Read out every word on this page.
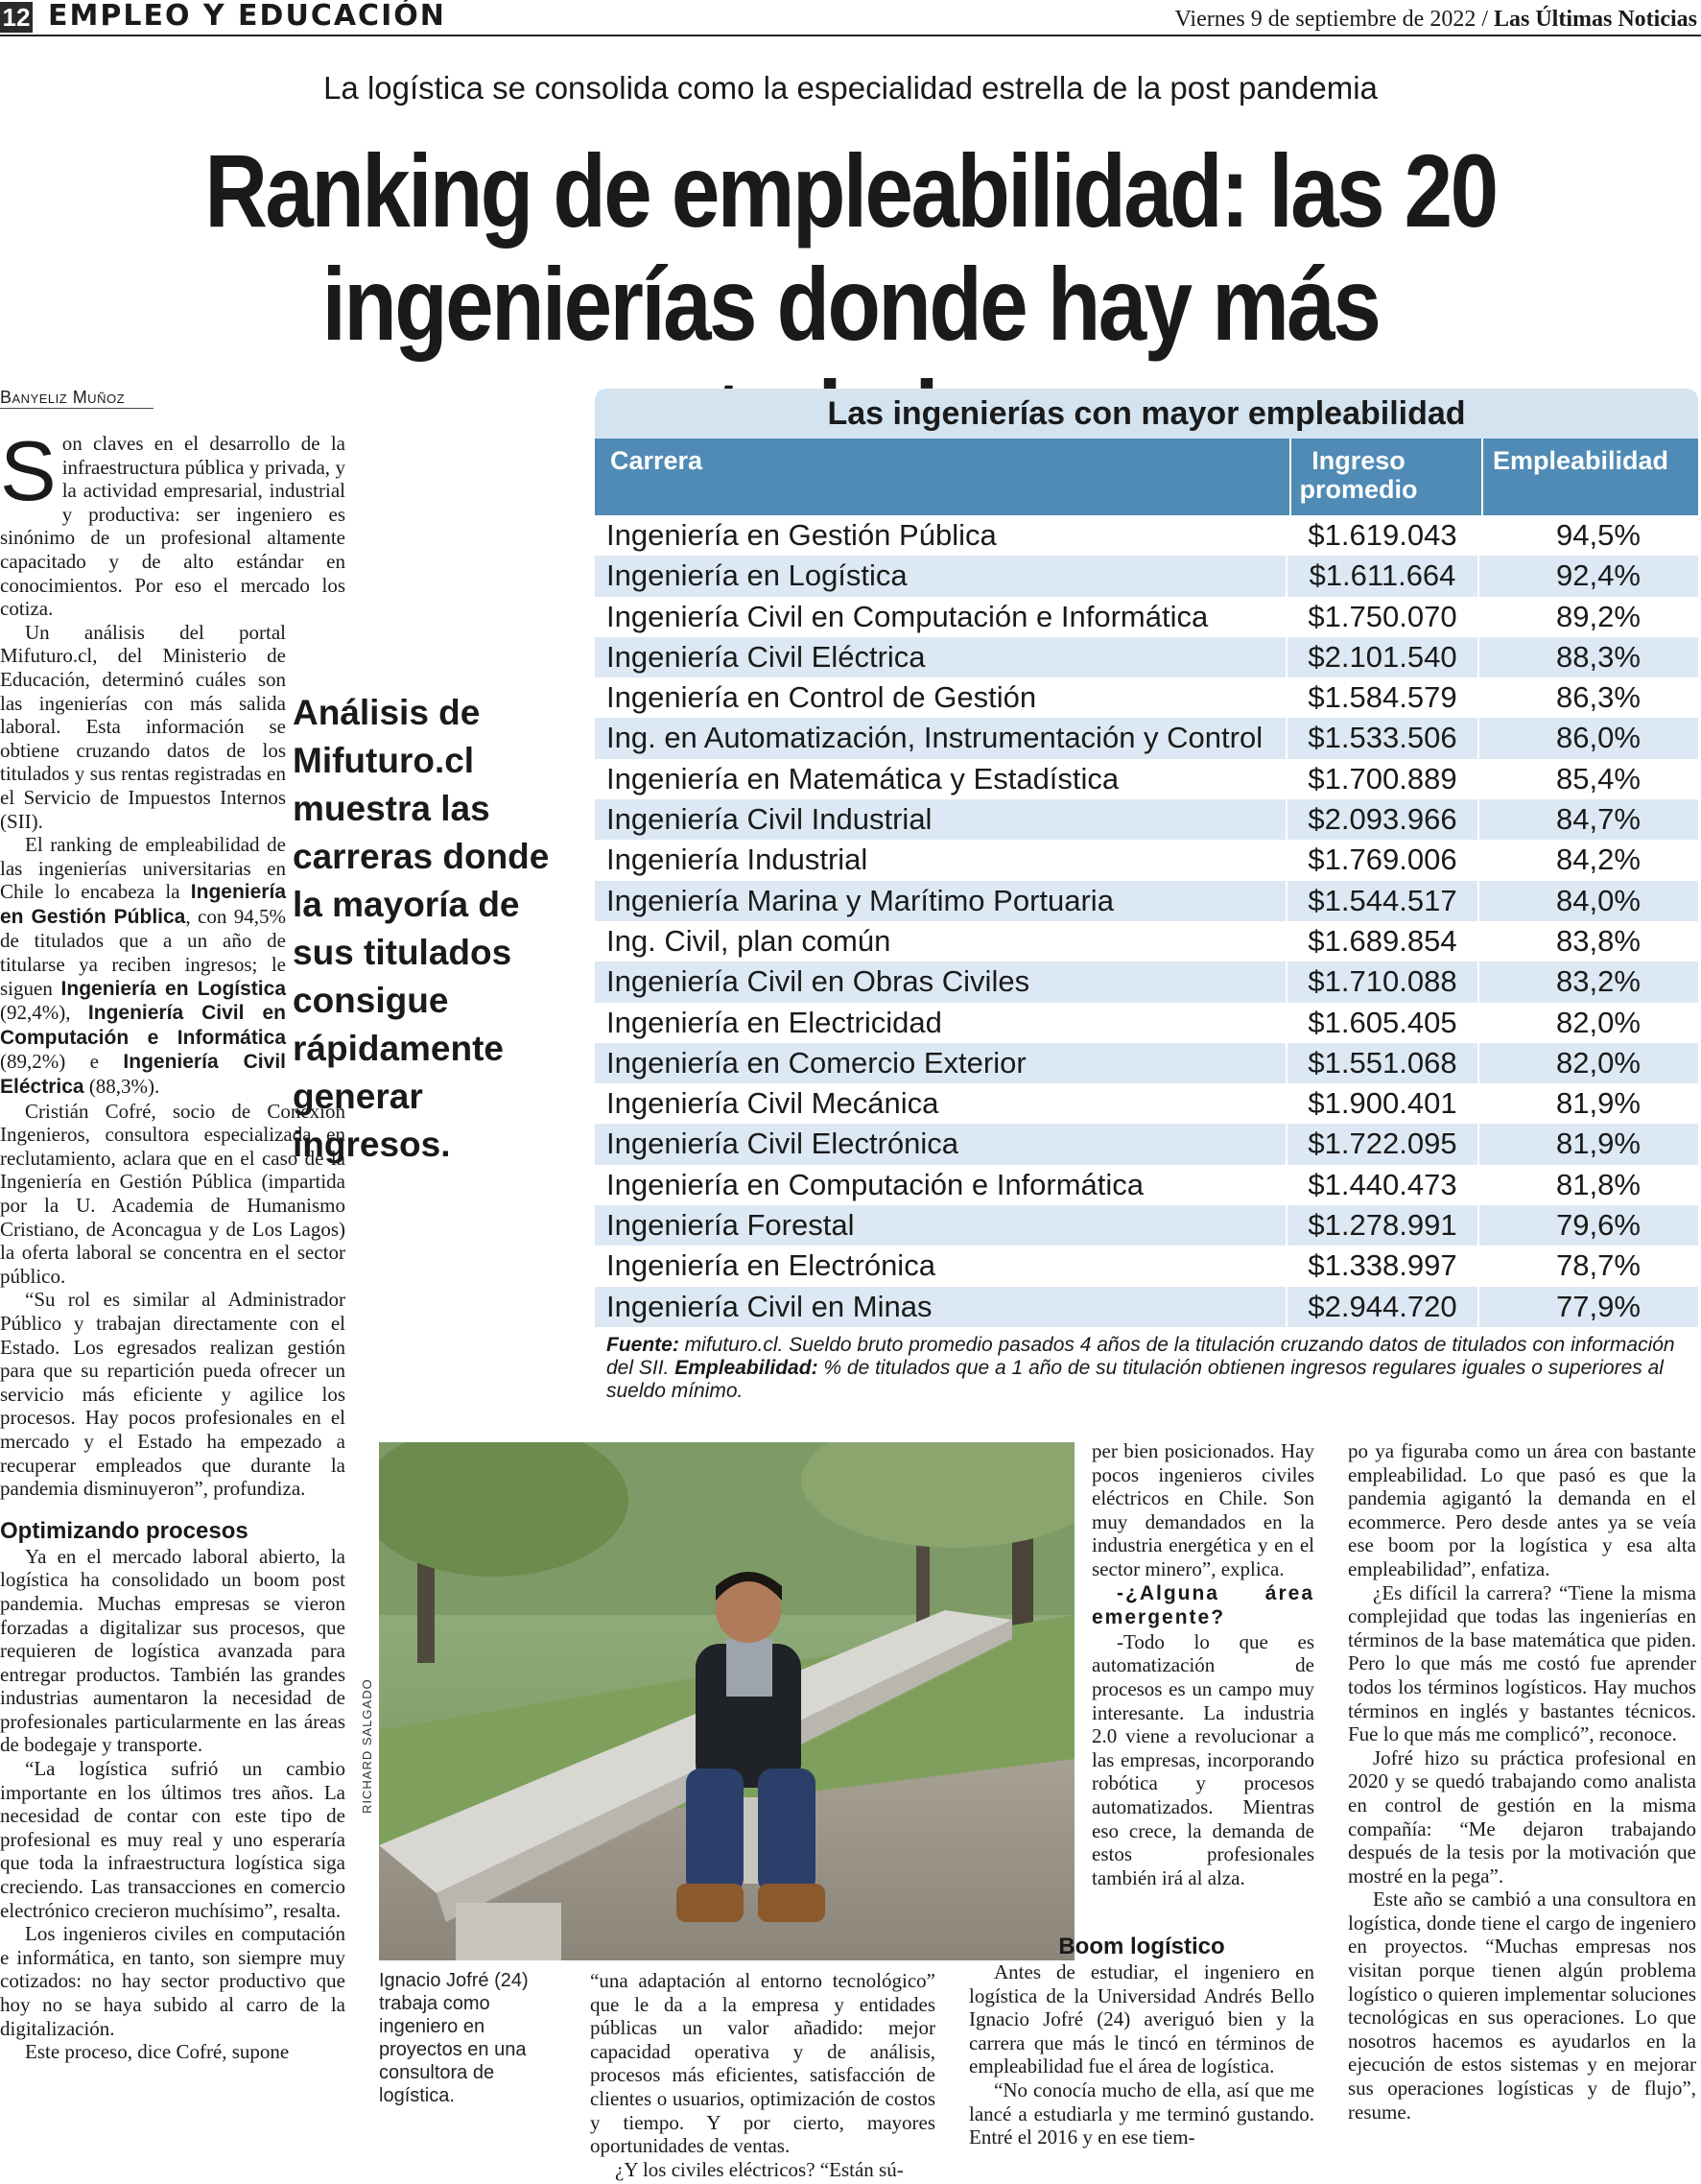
12 EMPLEO Y EDUCACIÓN	Viernes 9 de septiembre de 2022 / Las Últimas Noticias
La logística se consolida como la especialidad estrella de la post pandemia
Ranking de empleabilidad: las 20 ingenierías donde hay más
Banyeliz Muñoz

Son claves en el desarrollo de la infraestructura pública y privada, y la actividad empresarial, industrial y productiva: ser ingeniero es sinónimo de un profesional altamente capacitado y de alto estándar en conocimientos. Por eso el mercado los cotiza.

Un análisis del portal Mifuturo.cl, del Ministerio de Educación, determinó cuáles son las ingenierías con más salida laboral. Esta información se obtiene cruzando datos de los titulados y sus rentas registradas en el Servicio de Impuestos Internos (SII).

El ranking de empleabilidad de las ingenierías universitarias en Chile lo encabeza la Ingeniería en Gestión Pública, con 94,5% de titulados que a un año de titularse ya reciben ingresos; le siguen Ingeniería en Logística (92,4%), Ingeniería Civil en Computación e Informática (89,2%) e Ingeniería Civil Eléctrica (88,3%).

Cristián Cofré, socio de Conexión Ingenieros, consultora especializada en reclutamiento, aclara que en el caso de la Ingeniería en Gestión Pública (impartida por la U. Academia de Humanismo Cristiano, de Aconcagua y de Los Lagos) la oferta laboral se concentra en el sector público.

“Su rol es similar al Administrador Público y trabajan directamente con el Estado. Los egresados realizan gestión para que su repartición pueda ofrecer un servicio más eficiente y agilice los procesos. Hay pocos profesionales en el mercado y el Estado ha empezado a recuperar empleados que durante la pandemia disminuyeron”, profundiza.

Optimizando procesos

Ya en el mercado laboral abierto, la logística ha consolidado un boom post pandemia. Muchas empresas se vieron forzadas a digitalizar sus procesos, que requieren de logística avanzada para entregar productos. También las grandes industrias aumentaron la necesidad de profesionales particularmente en las áreas de bodegaje y transporte.

“La logística sufrió un cambio importante en los últimos tres años. La necesidad de contar con este tipo de profesional es muy real y uno esperaría que toda la infraestructura logística siga creciendo. Las transacciones en comercio electrónico crecieron muchísimo”, resalta.

Los ingenieros civiles en computación e informática, en tanto, son siempre muy cotizados: no hay sector productivo que hoy no se haya subido al carro de la digitalización.

Este proceso, dice Cofré, supone

Análisis de Mifuturo.cl muestra las carreras donde la mayoría de sus titulados consigue rápidamente generar ingresos.
Las ingenierías con mayor empleabilidad
Carrera	Ingreso promedio
Empleabilidad
Ingeniería en Gestión Pública	$1.619.043	94,5%
Ingeniería en Logística	$1.611.664	92,4%
Ingeniería Civil en Computación e Informática	$1.750.070	89,2%
Ingeniería Civil Eléctrica	$2.101.540	88,3%
Ingeniería en Control de Gestión	$1.584.579	86,3%
Ing. en Automatización, Instrumentación y Control	$1.533.506	86,0%
Ingeniería en Matemática y Estadística	$1.700.889	85,4%
Ingeniería Civil Industrial	$2.093.966	84,7%
Ingeniería Industrial	$1.769.006	84,2%
Ingeniería Marina y Marítimo Portuaria	$1.544.517	84,0%
Ing. Civil, plan común	$1.689.854	83,8%
Ingeniería Civil en Obras Civiles	$1.710.088	83,2%
Ingeniería en Electricidad	$1.605.405	82,0%
Ingeniería en Comercio Exterior	$1.551.068	82,0%
Ingeniería Civil Mecánica	$1.900.401	81,9%
Ingeniería Civil Electrónica	$1.722.095	81,9%
Ingeniería en Computación e Informática	$1.440.473	81,8%
Ingeniería Forestal	$1.278.991	79,6%
Ingeniería en Electrónica	$1.338.997	78,7%
Ingeniería Civil en Minas	$2.944.720	77,9%
Fuente: mifuturo.cl. Sueldo bruto promedio pasados 4 años de la titulación cruzando datos de titulados con información del SII. Empleabilidad: % de titulados que a 1 año de su titulación obtienen ingresos regulares iguales o superiores al sueldo mínimo.
RICHARD SALGADO
Ignacio Jofré (24) trabaja como ingeniero en proyectos en una consultora de logística.

“una adaptación al entorno tecnológico” que le da a la empresa y entidades públicas un valor añadido: mejor capacidad operativa y de análisis, procesos más eficientes, satisfacción de clientes o usuarios, optimización de costos y tiempo. Y por cierto, mayores oportunidades de ventas.

¿Y los civiles eléctricos? “Están sú-

per bien posicionados. Hay pocos ingenieros civiles eléctricos en Chile. Son muy demandados en la industria energética y en el sector minero”, explica.

-¿Alguna área emergente?

-Todo lo que es automatización de procesos es un campo muy interesante. La industria 2.0 viene a revolucionar a las empresas, incorporando robótica y procesos automatizados. Mientras eso crece, la demanda de estos profesionales también irá al alza.

Boom logístico

Antes de estudiar, el ingeniero en logística de la Universidad Andrés Bello Ignacio Jofré (24) averiguó bien y la carrera que más le tincó en términos de empleabilidad fue el área de logística.

“No conocía mucho de ella, así que me lancé a estudiarla y me terminó gustando. Entré el 2016 y en ese tiem-

po ya figuraba como un área con bastante empleabilidad. Lo que pasó es que la pandemia agigantó la demanda en el ecommerce. Pero desde antes ya se veía ese boom por la logística y esa alta empleabilidad”, enfatiza.

¿Es difícil la carrera? “Tiene la misma complejidad que todas las ingenierías en términos de la base matemática que piden. Pero lo que más me costó fue aprender todos los términos logísticos. Hay muchos términos en inglés y bastantes técnicos. Fue lo que más me complicó”, reconoce.

Jofré hizo su práctica profesional en 2020 y se quedó trabajando como analista en control de gestión en la misma compañía: “Me dejaron trabajando después de la tesis por la motivación que mostré en la pega”.

Este año se cambió a una consultora en logística, donde tiene el cargo de ingeniero en proyectos. “Muchas empresas nos visitan porque tienen algún problema logístico o quieren implementar soluciones tecnológicas en sus operaciones. Lo que nosotros hacemos es ayudarlos en la ejecución de estos sistemas y en mejorar sus operaciones logísticas y de flujo”, resume.
